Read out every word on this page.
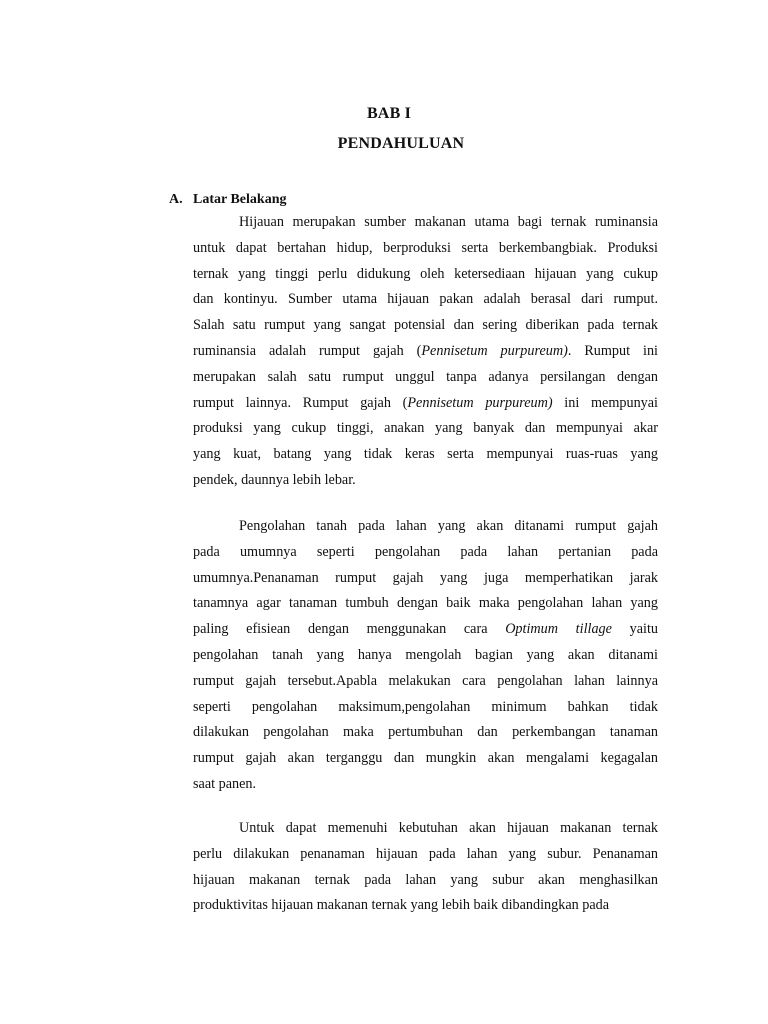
BAB I
PENDAHULUAN
A. Latar Belakang
Hijauan merupakan sumber makanan utama bagi ternak ruminansia
untuk dapat bertahan hidup, berproduksi serta berkembangbiak. Produksi
ternak yang tinggi perlu didukung oleh ketersediaan hijauan yang cukup
dan kontinyu. Sumber utama hijauan pakan adalah berasal dari rumput.
Salah satu rumput yang sangat potensial dan sering diberikan pada ternak
ruminansia adalah rumput gajah (Pennisetum purpureum). Rumput ini
merupakan salah satu rumput unggul tanpa adanya persilangan dengan
rumput lainnya. Rumput gajah (Pennisetum purpureum) ini mempunyai
produksi yang cukup tinggi, anakan yang banyak dan mempunyai akar
yang kuat, batang yang tidak keras serta mempunyai ruas-ruas yang
pendek, daunnya lebih lebar.
Pengolahan tanah pada lahan yang akan ditanami rumput gajah
pada umumnya seperti pengolahan pada lahan pertanian pada
umumnya.Penanaman rumput gajah yang juga memperhatikan jarak
tanamnya agar tanaman tumbuh dengan baik maka pengolahan lahan yang
paling efisiean dengan menggunakan cara Optimum tillage yaitu
pengolahan tanah yang hanya mengolah bagian yang akan ditanami
rumput gajah tersebut.Apabla melakukan cara pengolahan lahan lainnya
seperti pengolahan maksimum,pengolahan minimum bahkan tidak
dilakukan pengolahan maka pertumbuhan dan perkembangan tanaman
rumput gajah akan terganggu dan mungkin akan mengalami kegagalan
saat panen.
Untuk dapat memenuhi kebutuhan akan hijauan makanan ternak
perlu dilakukan penanaman hijauan pada lahan yang subur. Penanaman
hijauan makanan ternak pada lahan yang subur akan menghasilkan
produktivitas hijauan makanan ternak yang lebih baik dibandingkan pada
